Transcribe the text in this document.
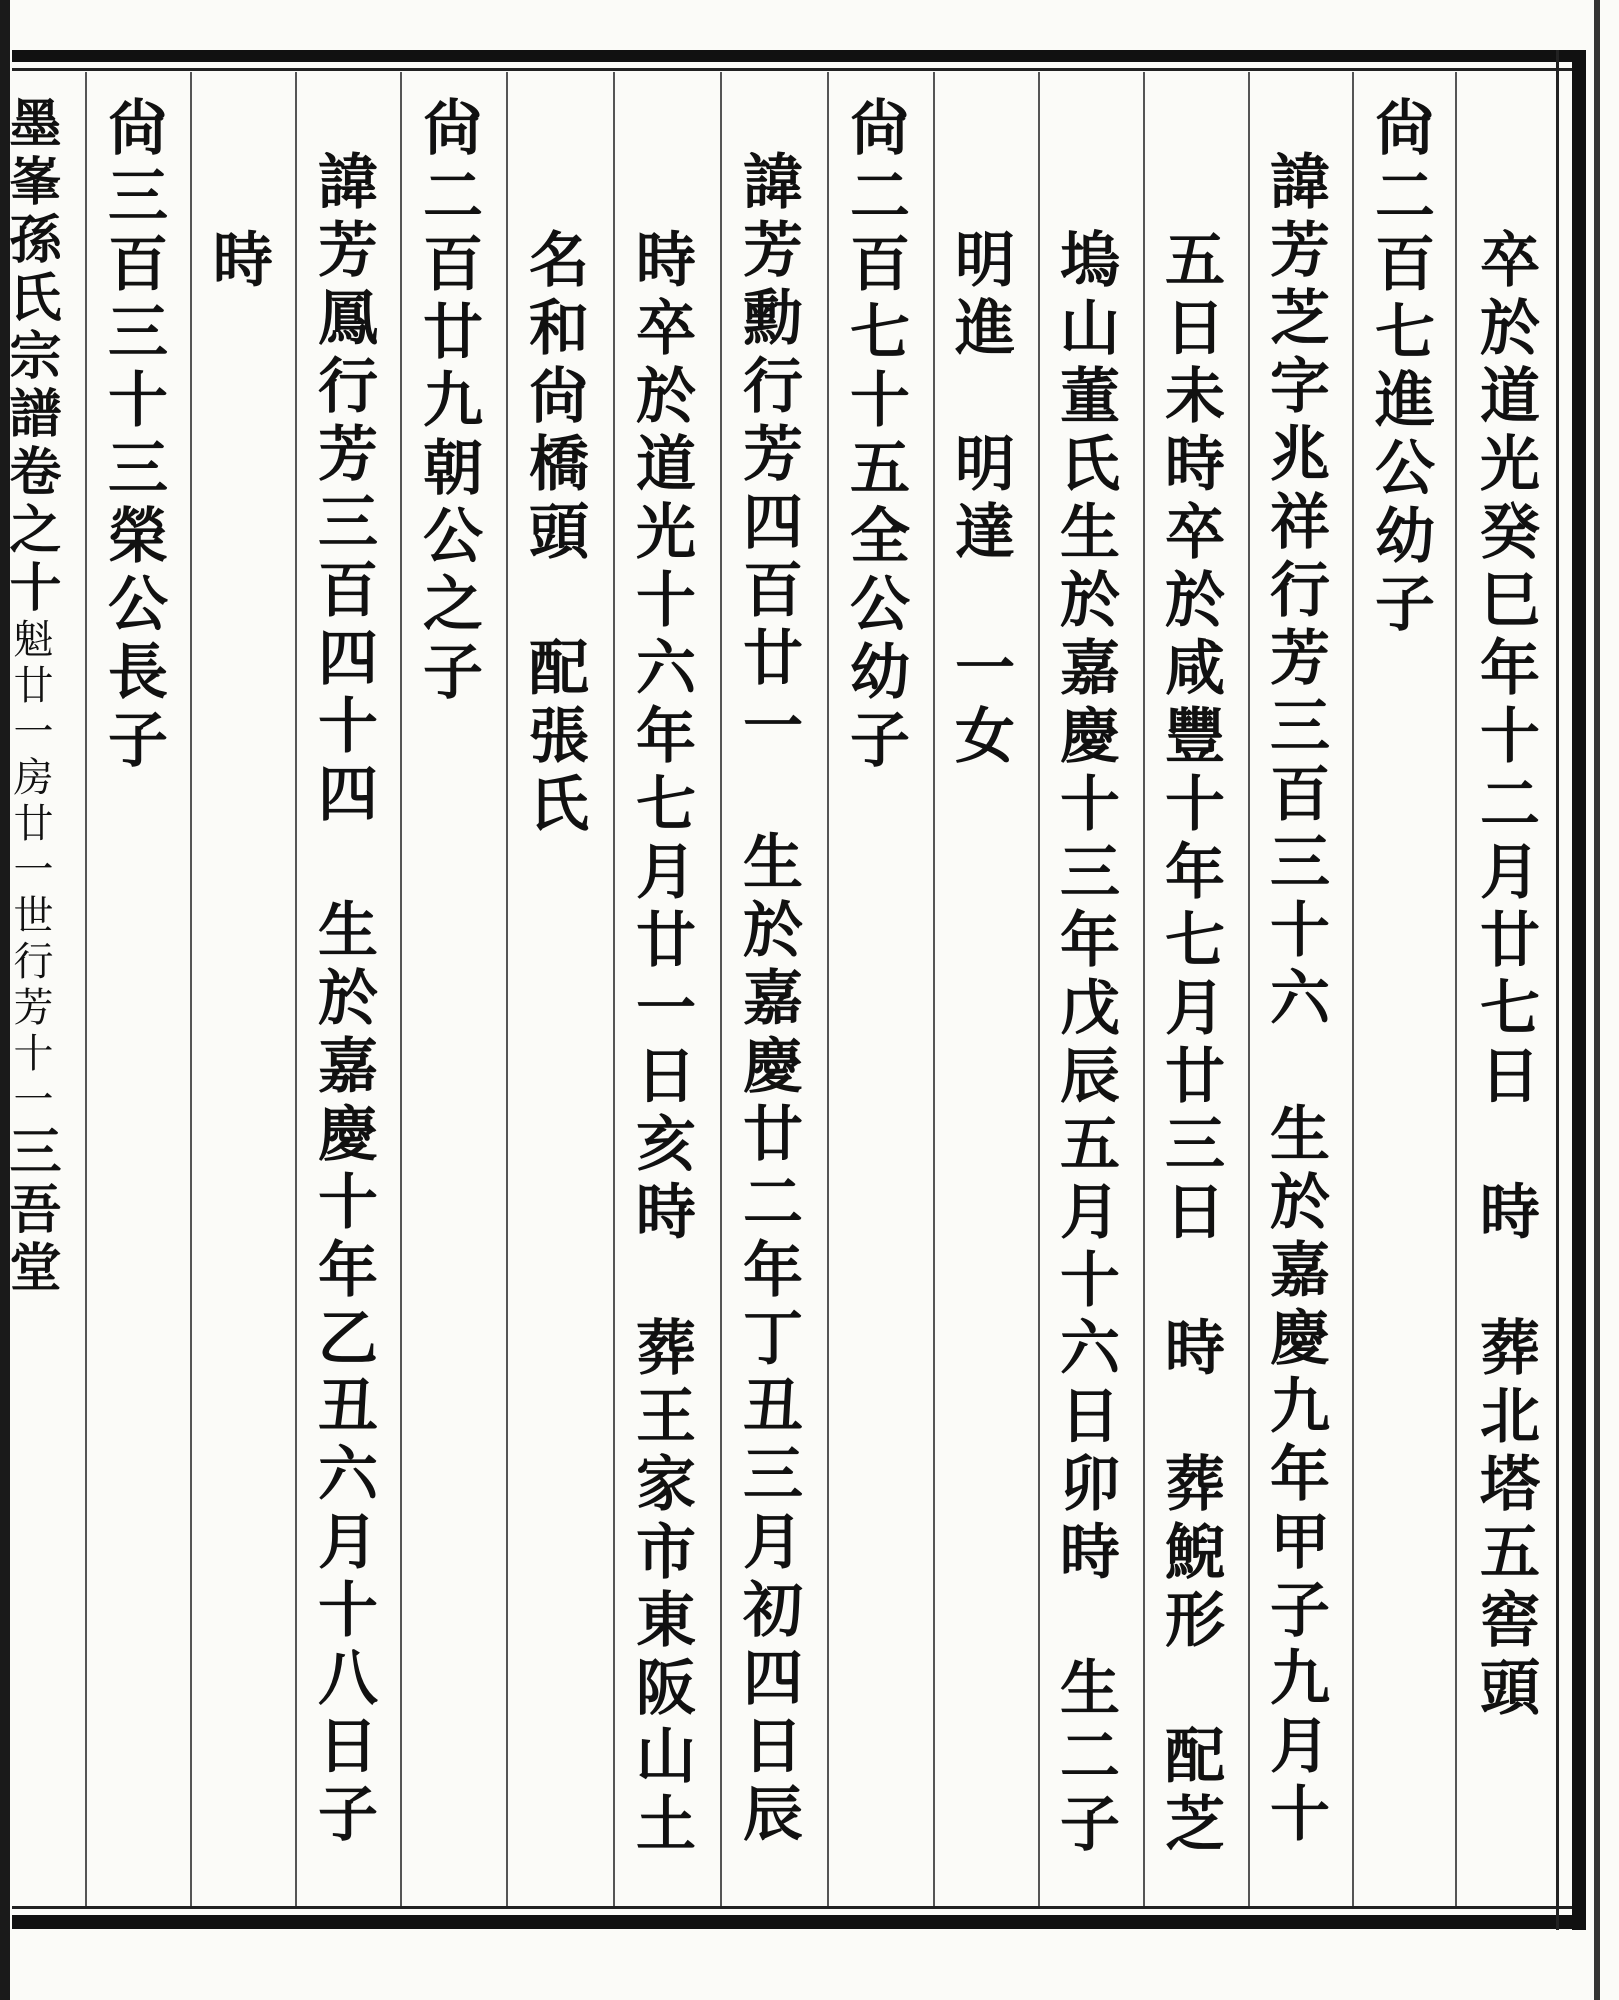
卒於道光癸巳年十二月廿七日　時　葬北塔五窖頭
尙二百七進公幼子
諱芳芝字兆祥行芳三百三十六　生於嘉慶九年甲子九月十
五日未時卒於咸豐十年七月廿三日　時　葬鯢形　配芝
塢山董氏生於嘉慶十三年戊辰五月十六日卯時　生二子
明進　明達　一女
尙二百七十五全公幼子
諱芳勳行芳四百廿一　生於嘉慶廿二年丁丑三月初四日辰
時卒於道光十六年七月廿一日亥時　葬王家市東阪山土
名和尙橋頭　配張氏
尙二百廿九朝公之子
諱芳鳳行芳三百四十四　生於嘉慶十年乙丑六月十八日子
時
尙三百三十三榮公長子
墨峯孫氏宗譜卷之十魁廿一房廿一世行芳十一三吾堂
